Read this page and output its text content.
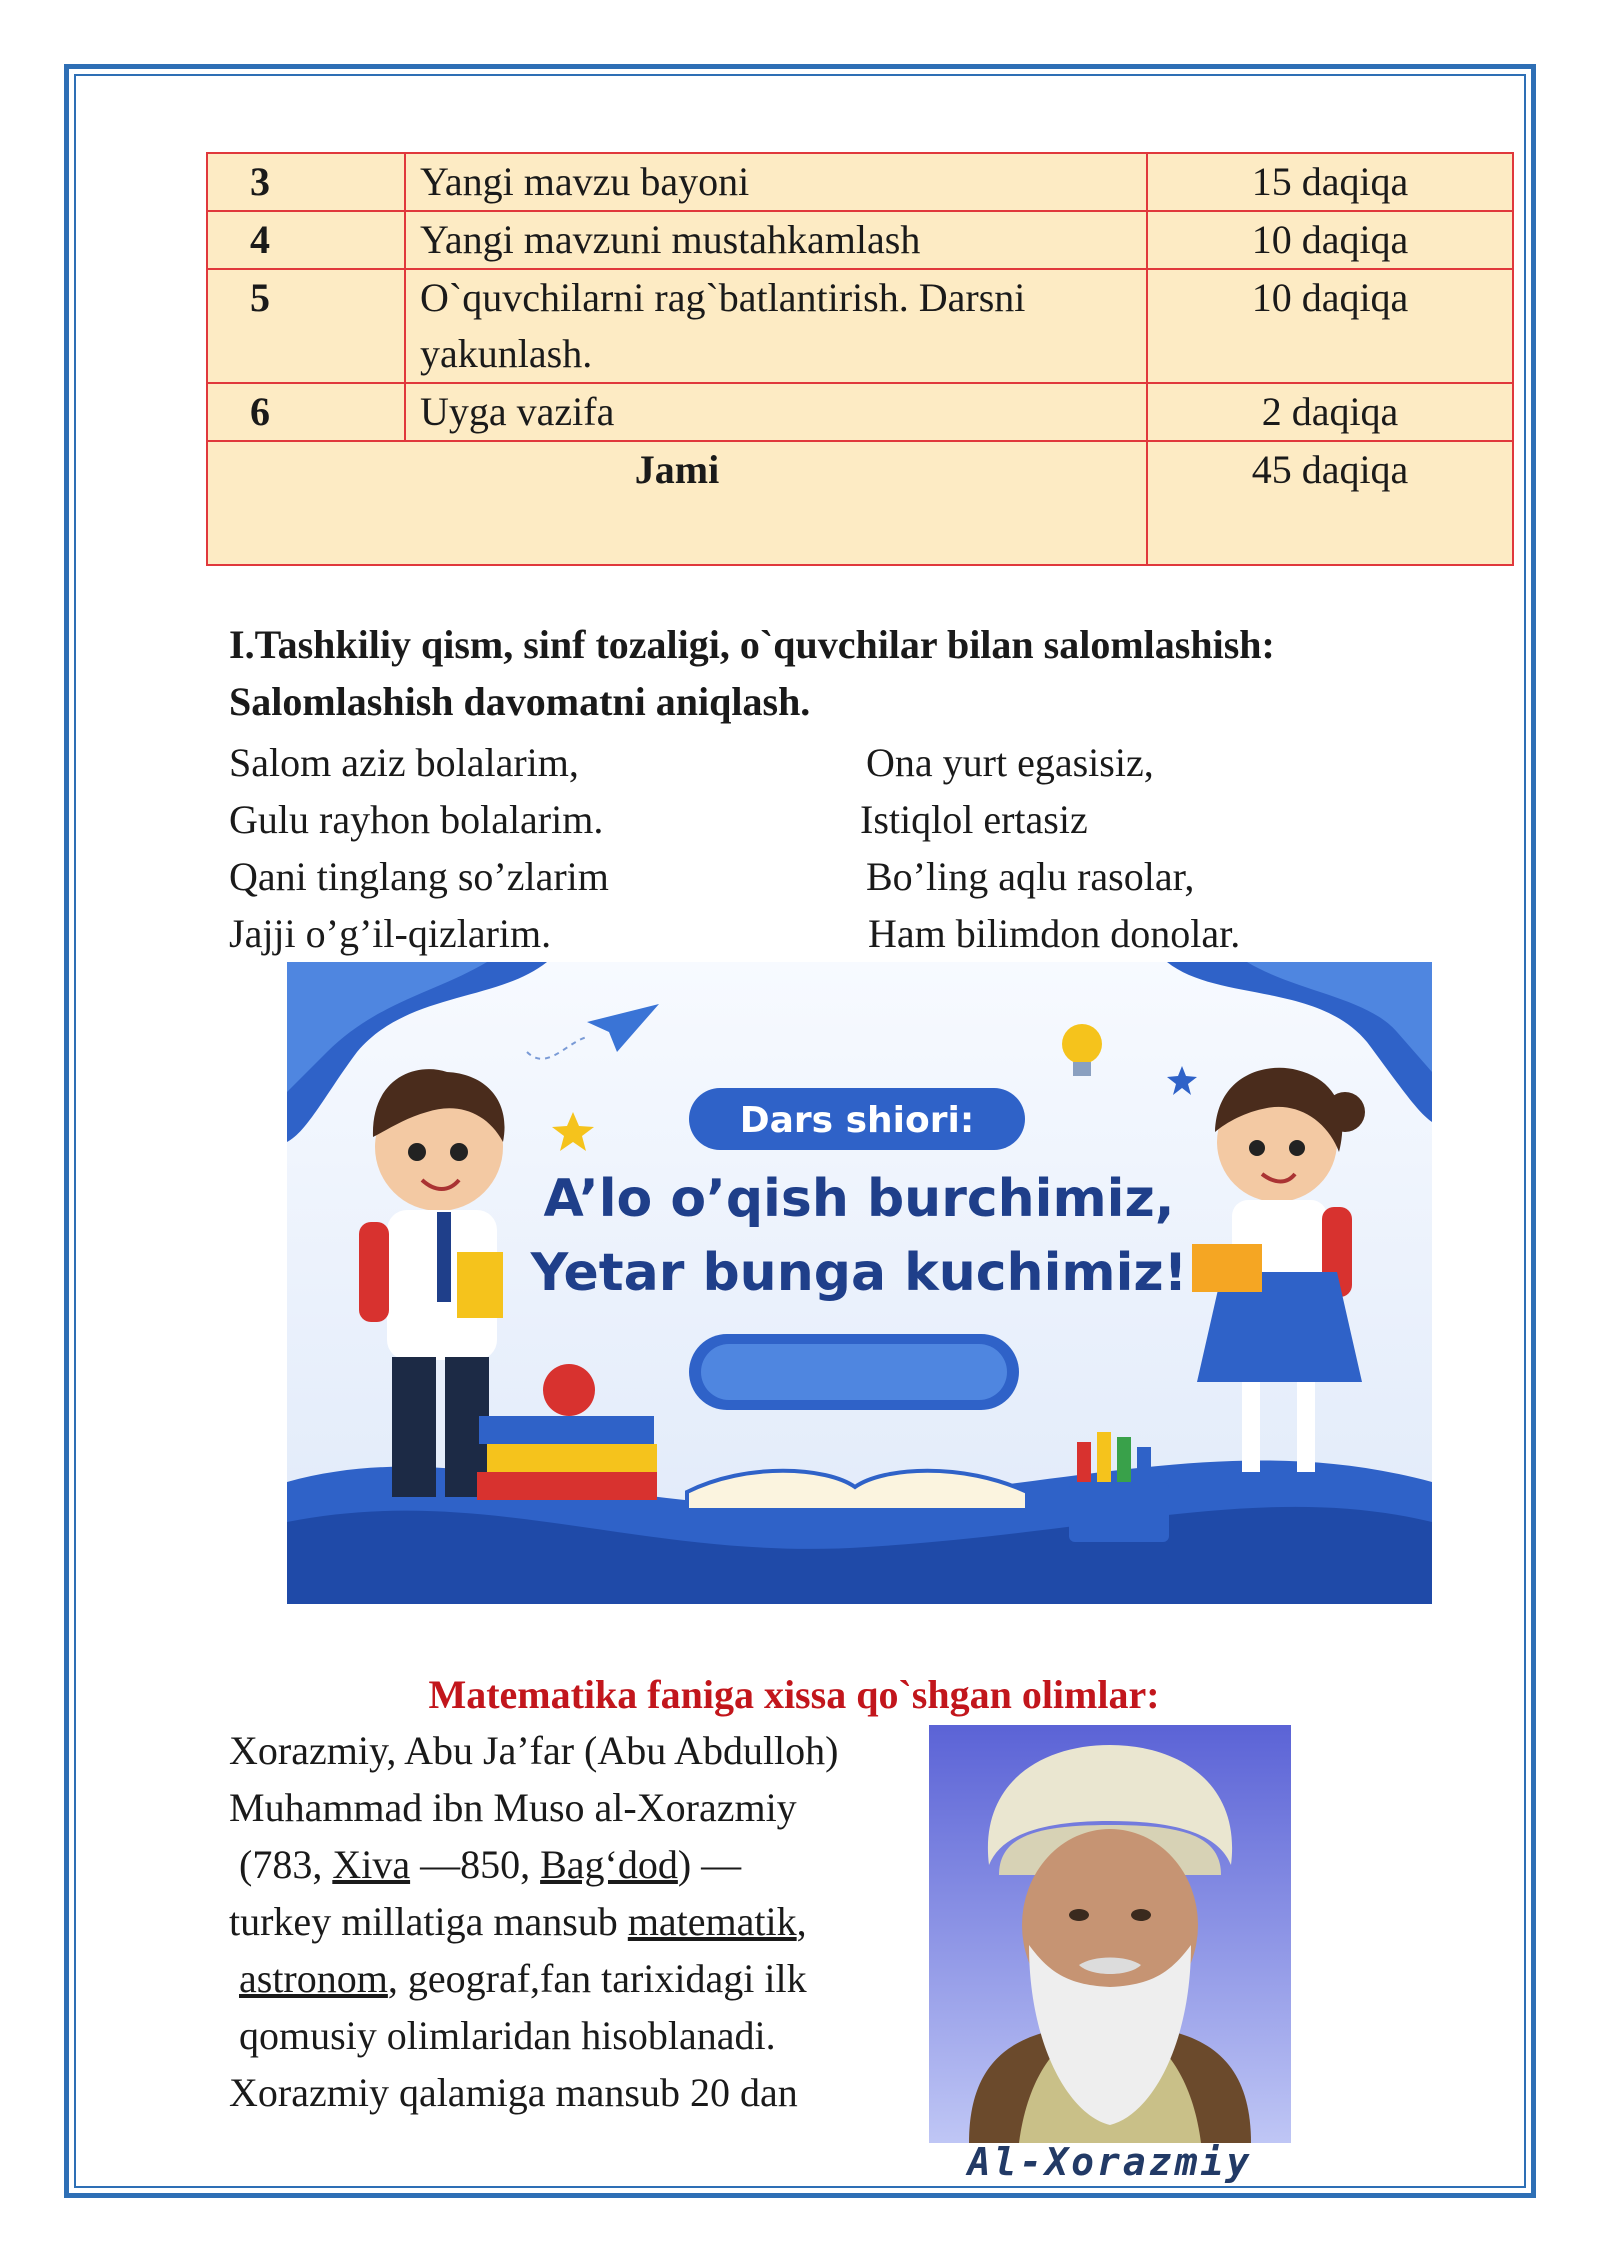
3	Yangi mavzu bayoni	15 daqiqa
4	Yangi mavzuni mustahkamlash	10 daqiqa
5	O`quvchilarni rag`batlantirish. Darsni yakunlash.	10 daqiqa
6	Uyga vazifa	2 daqiqa
Jami		45 daqiqa
I.Tashkiliy qism, sinf tozaligi, o`quvchilar bilan salomlashish:
Salomlashish davomatni aniqlash.
Salom aziz bolalarim,
Gulu rayhon bolalarim.
Qani tinglang so’zlarim
Jajji o’g’il-qizlarim.
Ona yurt egasisiz,
Istiqlol ertasiz
Bo’ling aqlu rasolar,
Ham bilimdon donolar.
Dars shiori:
A’lo o’qish burchimiz,
Yetar bunga kuchimiz!
Matematika faniga xissa qo`shgan olimlar:
Xorazmiy, Abu Ja’far (Abu Abdulloh)
Muhammad ibn Muso al-Xorazmiy
(783, Xiva —850, Bag‘dod) —
turkey millatiga mansub matematik,
astronom, geograf,fan tarixidagi ilk
qomusiy olimlaridan hisoblanadi.
Xorazmiy qalamiga mansub 20 dan
Al-Xorazmiy
